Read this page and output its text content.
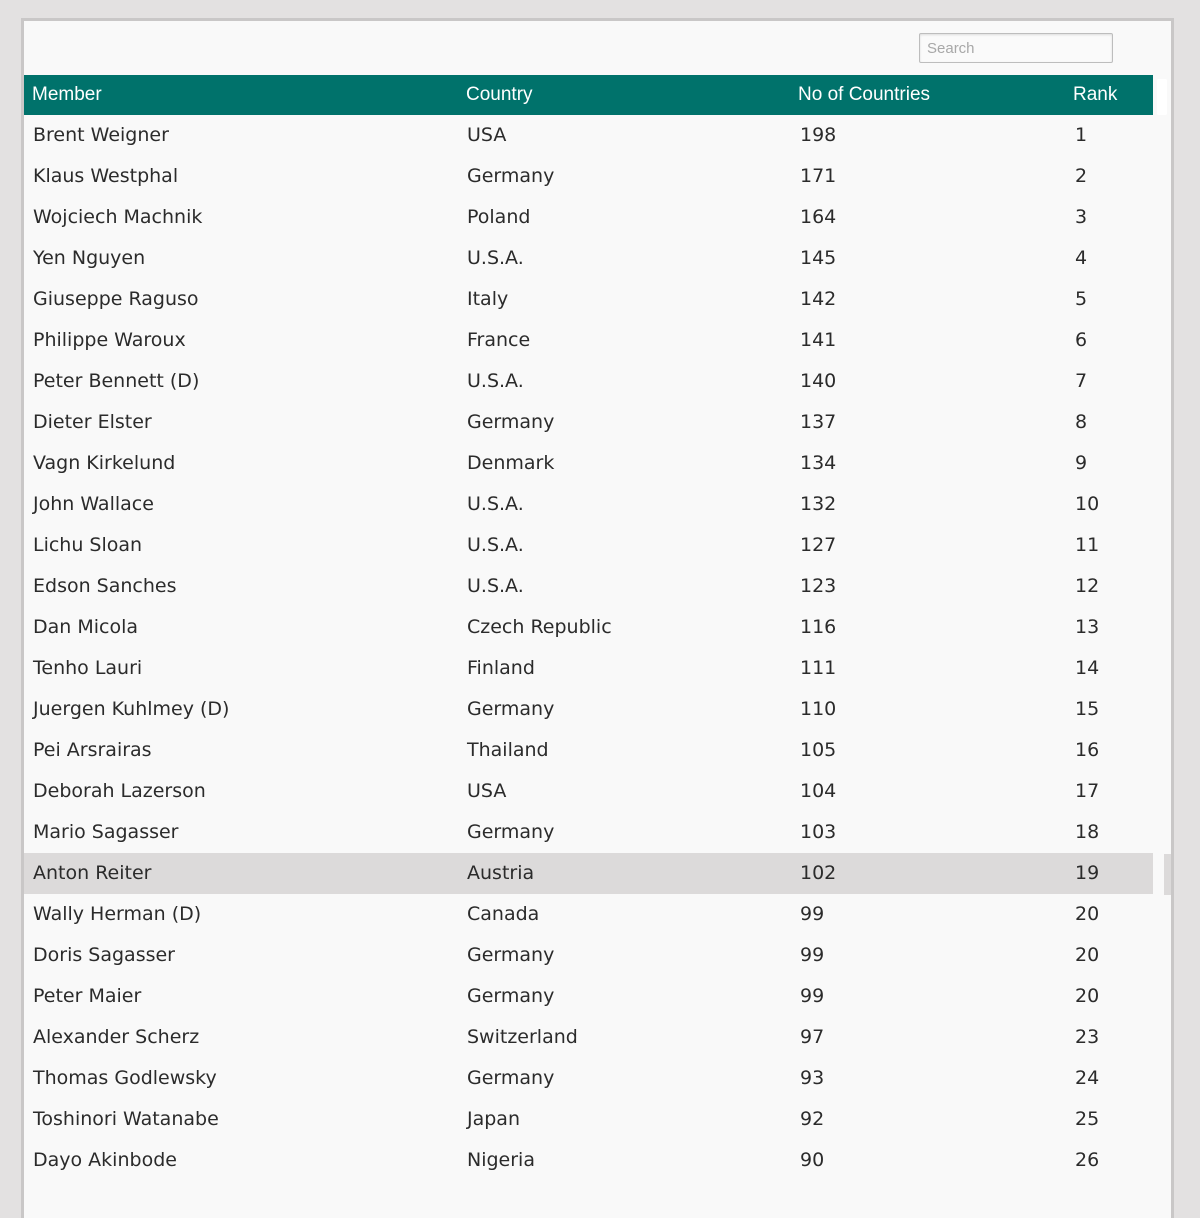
Search
Member	Country	No of Countries	Rank
Brent Weigner	USA	198	1
Klaus Westphal	Germany	171	2
Wojciech Machnik	Poland	164	3
Yen Nguyen	U.S.A.	145	4
Giuseppe Raguso	Italy	142	5
Philippe Waroux	France	141	6
Peter Bennett (D)	U.S.A.	140	7
Dieter Elster	Germany	137	8
Vagn Kirkelund	Denmark	134	9
John Wallace	U.S.A.	132	10
Lichu Sloan	U.S.A.	127	11
Edson Sanches	U.S.A.	123	12
Dan Micola	Czech Republic	116	13
Tenho Lauri	Finland	111	14
Juergen Kuhlmey (D)	Germany	110	15
Pei Arsrairas	Thailand	105	16
Deborah Lazerson	USA	104	17
Mario Sagasser	Germany	103	18
Anton Reiter	Austria	102	19
Wally Herman (D)	Canada	99	20
Doris Sagasser	Germany	99	20
Peter Maier	Germany	99	20
Alexander Scherz	Switzerland	97	23
Thomas Godlewsky	Germany	93	24
Toshinori Watanabe	Japan	92	25
Dayo Akinbode	Nigeria	90	26
